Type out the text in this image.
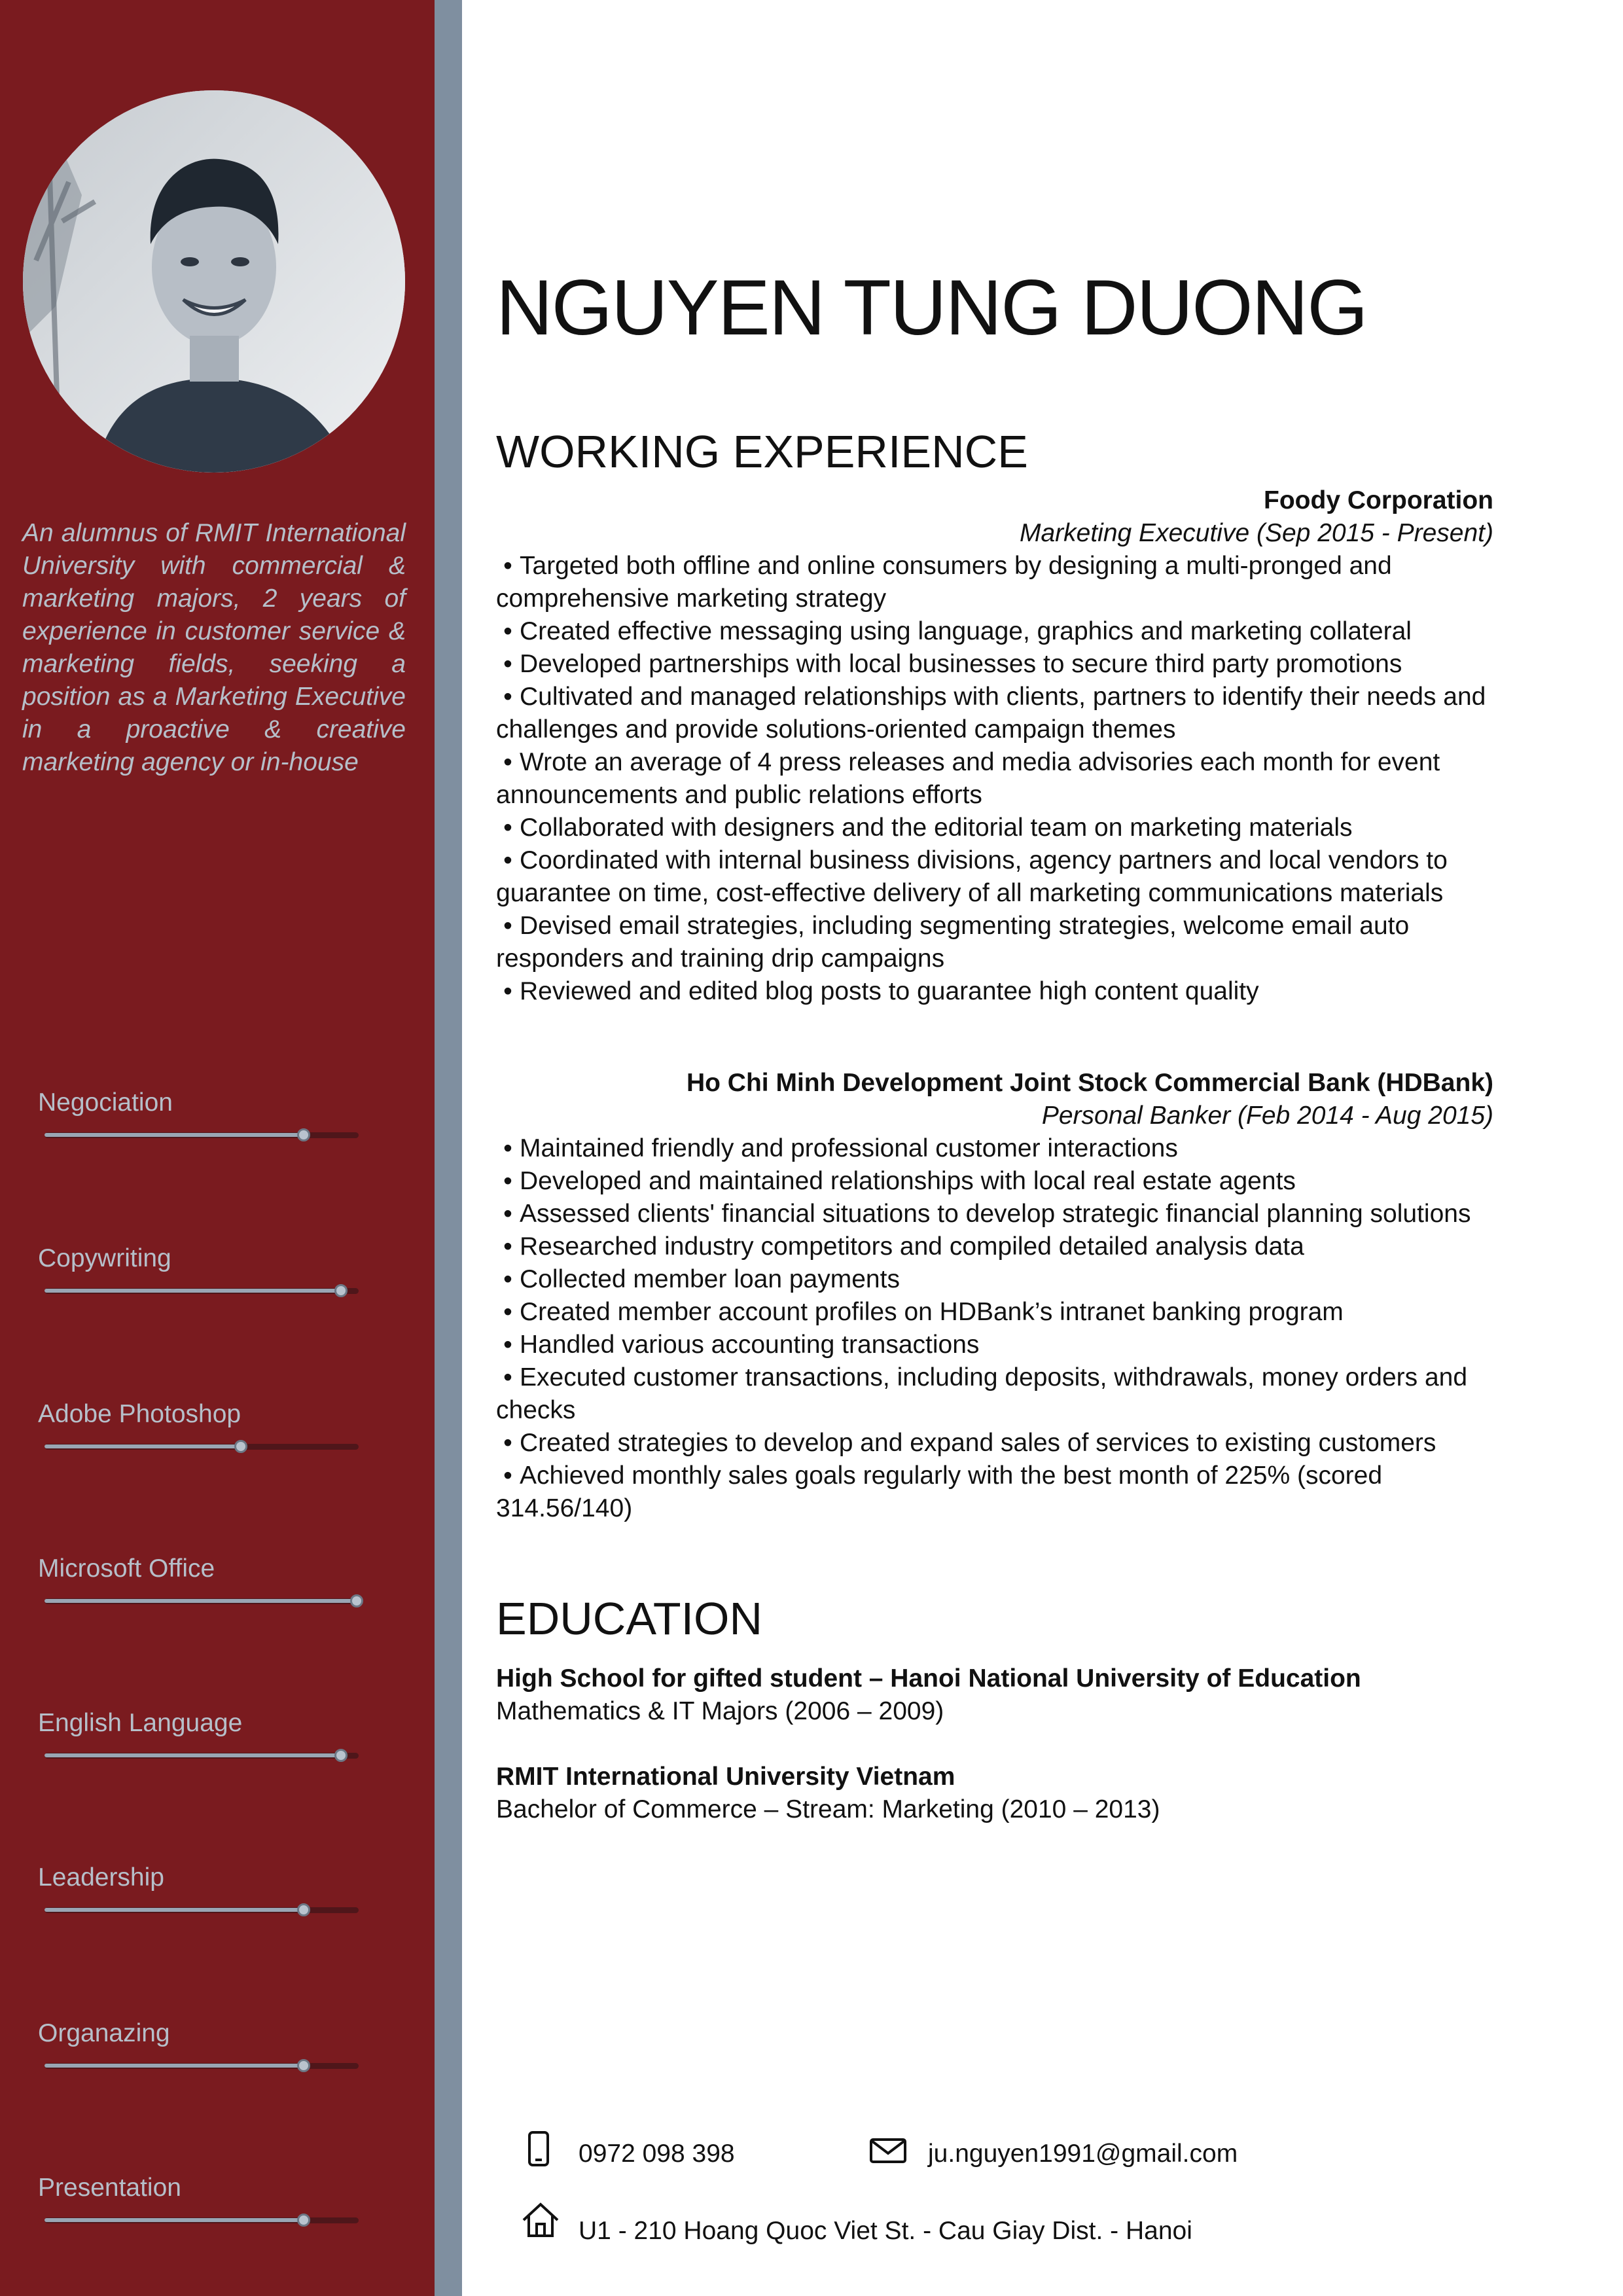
An alumnus of RMIT International University with commercial & marketing majors, 2 years of experience in customer service & marketing fields, seeking a position as a Marketing Executive in a proactive & creative marketing agency or in-house
Negociation
Copywriting
Adobe Photoshop
Microsoft Office
English Language
Leadership
Organazing
Presentation
NGUYEN TUNG DUONG
WORKING EXPERIENCE
Foody Corporation
Marketing Executive (Sep 2015 - Present)
• Targeted both offline and online consumers by designing a multi-pronged and comprehensive marketing strategy
• Created effective messaging using language, graphics and marketing collateral
• Developed partnerships with local businesses to secure third party promotions
• Cultivated and managed relationships with clients, partners to identify their needs and challenges and provide solutions-oriented campaign themes
• Wrote an average of 4 press releases and media advisories each month for event announcements and public relations efforts
• Collaborated with designers and the editorial team on marketing materials
• Coordinated with internal business divisions, agency partners and local vendors to guarantee on time, cost-effective delivery of all marketing communications materials
• Devised email strategies, including segmenting strategies, welcome email auto responders and training drip campaigns
• Reviewed and edited blog posts to guarantee high content quality
Ho Chi Minh Development Joint Stock Commercial Bank (HDBank)
Personal Banker (Feb 2014 - Aug 2015)
• Maintained friendly and professional customer interactions
• Developed and maintained relationships with local real estate agents
• Assessed clients' financial situations to develop strategic financial planning solutions
• Researched industry competitors and compiled detailed analysis data
• Collected member loan payments
• Created member account profiles on HDBank’s intranet banking program
• Handled various accounting transactions
• Executed customer transactions, including deposits, withdrawals, money orders and checks
• Created strategies to develop and expand sales of services to existing customers
• Achieved monthly sales goals regularly with the best month of 225% (scored 314.56/140)
EDUCATION
High School for gifted student – Hanoi National University of Education
Mathematics & IT Majors (2006 – 2009)
RMIT International University Vietnam
Bachelor of Commerce – Stream: Marketing (2010 – 2013)
0972 098 398	ju.nguyen1991@gmail.com
U1 - 210 Hoang Quoc Viet St. - Cau Giay Dist. - Hanoi
